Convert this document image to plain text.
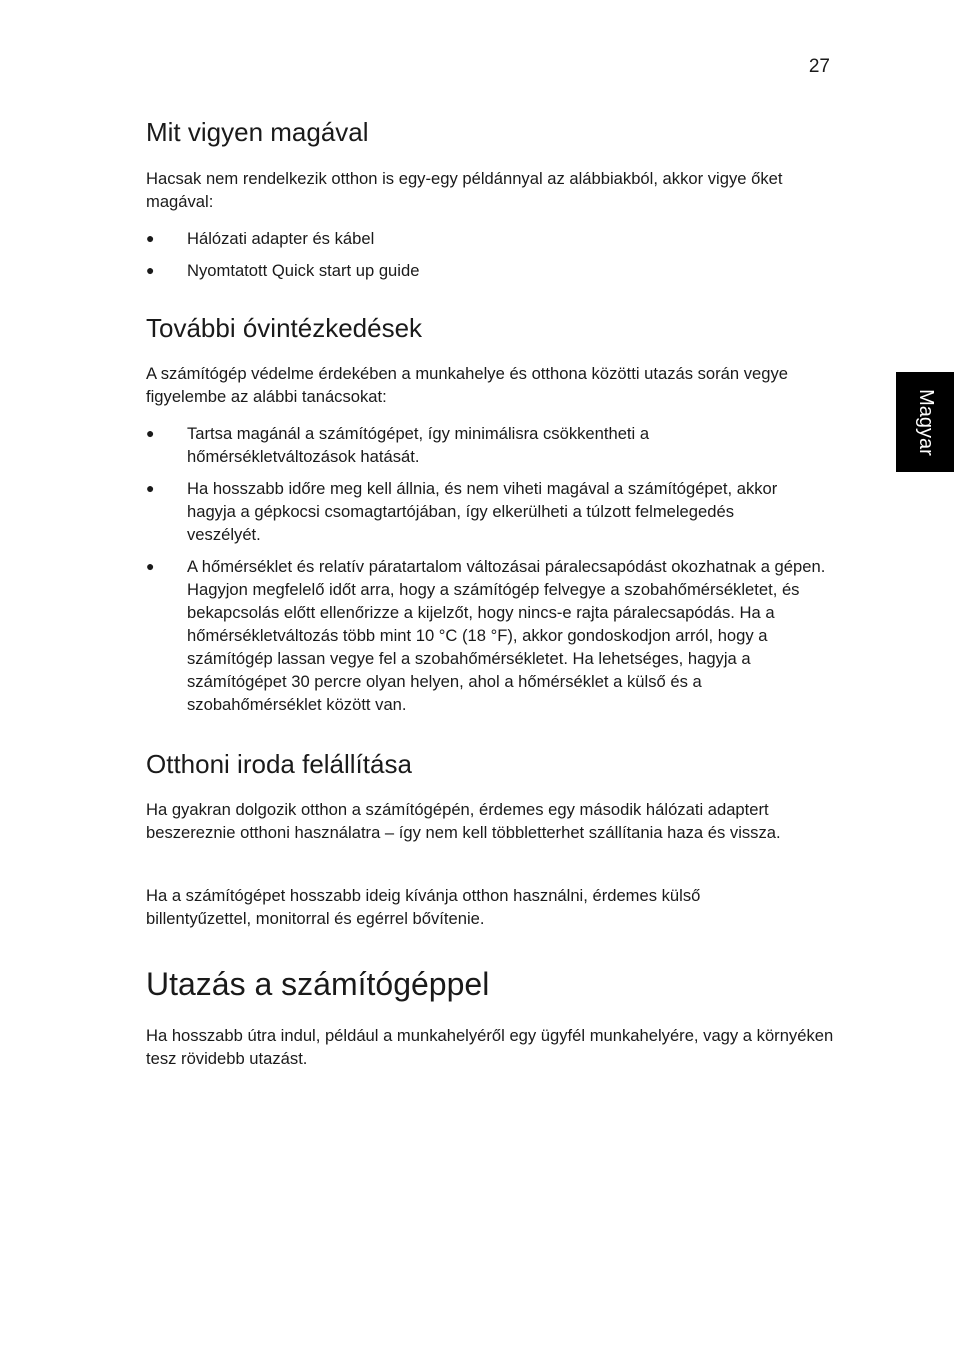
27
Magyar
Mit vigyen magával

Hacsak nem rendelkezik otthon is egy-egy példánnyal az alábbiakból, akkor vigye őket magával:

● Hálózati adapter és kábel
● Nyomtatott Quick start up guide
További óvintézkedések

A számítógép védelme érdekében a munkahelye és otthona közötti utazás során vegye figyelembe az alábbi tanácsokat:

● Tartsa magánál a számítógépet, így minimálisra csökkentheti a hőmérsékletváltozások hatását.
● Ha hosszabb időre meg kell állnia, és nem viheti magával a számítógépet, akkor hagyja a gépkocsi csomagtartójában, így elkerülheti a túlzott felmelegedés veszélyét.
● A hőmérséklet és relatív páratartalom változásai páralecsapódást okozhatnak a gépen. Hagyjon megfelelő időt arra, hogy a számítógép felvegye a szobahőmérsékletet, és bekapcsolás előtt ellenőrizze a kijelzőt, hogy nincs-e rajta páralecsapódás. Ha a hőmérsékletváltozás több mint 10 °C (18 °F), akkor gondoskodjon arról, hogy a számítógép lassan vegye fel a szobahőmérsékletet. Ha lehetséges, hagyja a számítógépet 30 percre olyan helyen, ahol a hőmérséklet a külső és a szobahőmérséklet között van.
Otthoni iroda felállítása

Ha gyakran dolgozik otthon a számítógépén, érdemes egy második hálózati adaptert beszereznie otthoni használatra – így nem kell többletterhet szállítania haza és vissza.

Ha a számítógépet hosszabb ideig kívánja otthon használni, érdemes külső billentyűzettel, monitorral és egérrel bővítenie.

Utazás a számítógéppel

Ha hosszabb útra indul, például a munkahelyéről egy ügyfél munkahelyére, vagy a környéken tesz rövidebb utazást.
